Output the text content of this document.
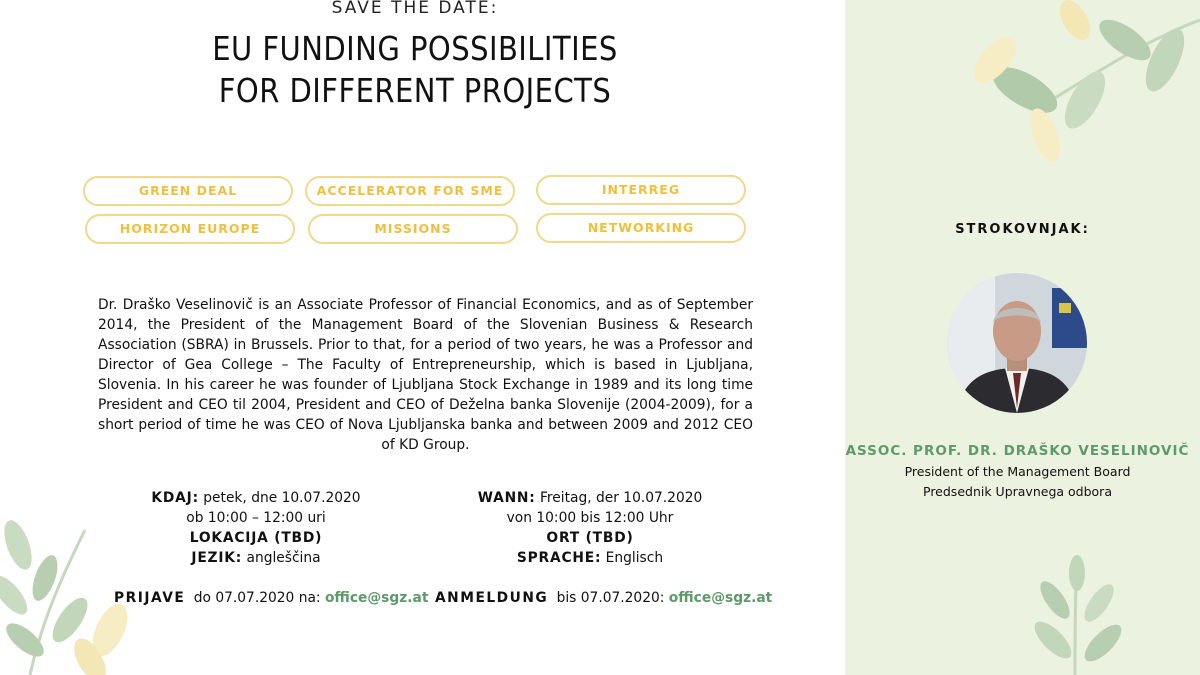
SAVE THE DATE:
EU FUNDING POSSIBILITIES
FOR DIFFERENT PROJECTS
GREEN DEAL	ACCELERATOR FOR SME	INTERREG
HORIZON EUROPE	MISSIONS	NETWORKING
Dr. Draško Veselinovič is an Associate Professor of Financial Economics, and as of September 2014, the President of the Management Board of the Slovenian Business & Research Association (SBRA) in Brussels. Prior to that, for a period of two years, he was a Professor and Director of Gea College – The Faculty of Entrepreneurship, which is based in Ljubljana, Slovenia. In his career he was founder of Ljubljana Stock Exchange in 1989 and its long time President and CEO til 2004, President and CEO of Deželna banka Slovenije (2004-2009), for a short period of time he was CEO of Nova Ljubljanska banka and between 2009 and 2012 CEO of KD Group.
KDAJ: petek, dne 10.07.2020
ob 10:00 – 12:00 uri
LOKACIJA (TBD)
JEZIK: angleščina
WANN: Freitag, der 10.07.2020
von 10:00 bis 12:00 Uhr
ORT (TBD)
SPRACHE: Englisch
PRIJAVE do 07.07.2020 na: office@sgz.at ANMELDUNG bis 07.07.2020: office@sgz.at
STROKOVNJAK:
ASSOC. PROF. DR. DRAŠKO VESELINOVIČ
President of the Management Board
Predsednik Upravnega odbora
